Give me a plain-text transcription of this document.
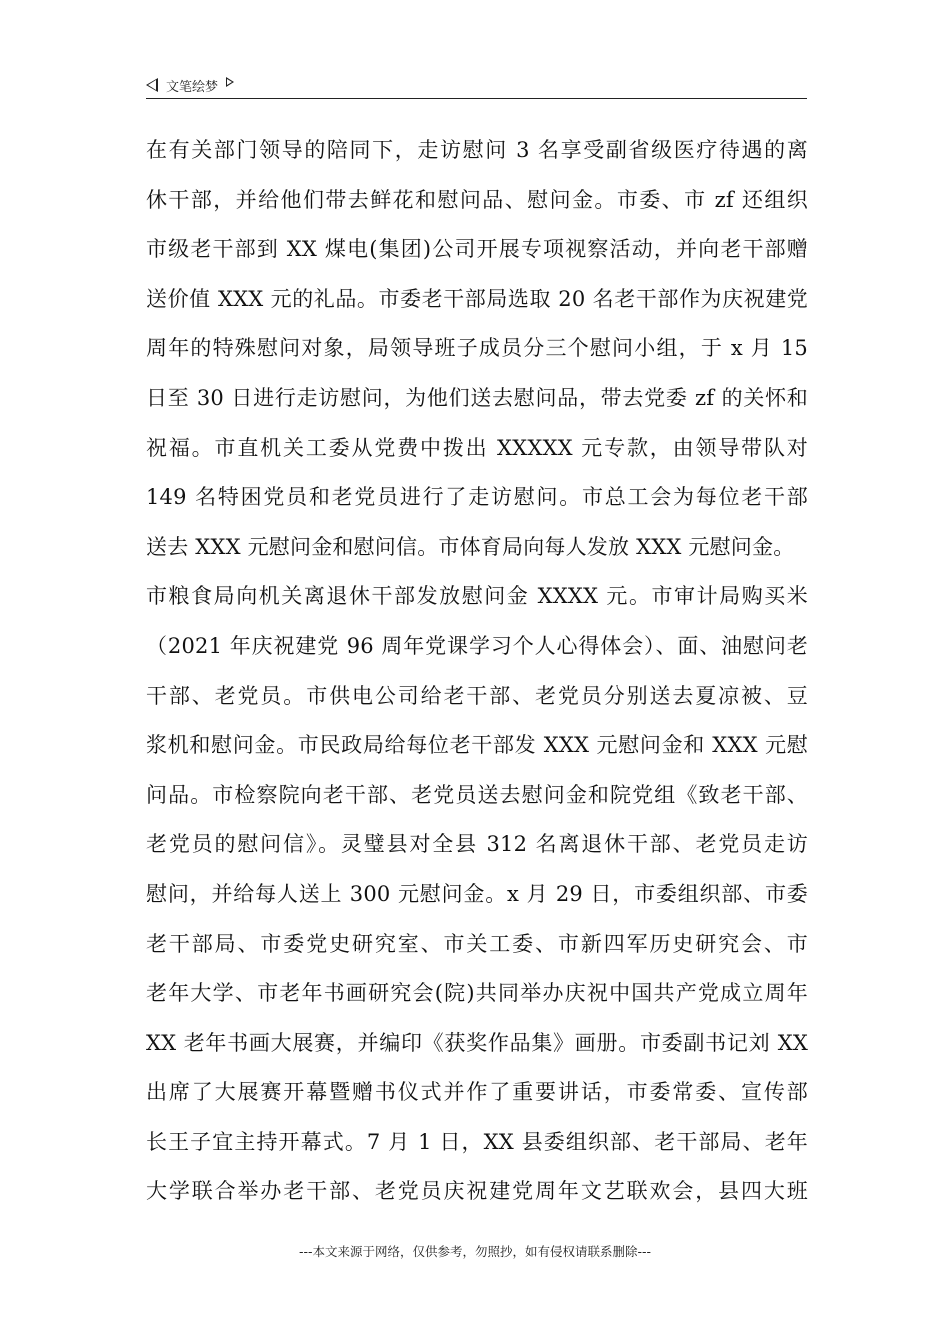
文笔绘梦
在有关部门领导的陪同下，走访慰问 3 名享受副省级医疗待遇的离
休干部，并给他们带去鲜花和慰问品、慰问金。市委、市 zf 还组织
市级老干部到 XX 煤电(集团)公司开展专项视察活动，并向老干部赠
送价值 XXX 元的礼品。市委老干部局选取 20 名老干部作为庆祝建党
周年的特殊慰问对象，局领导班子成员分三个慰问小组，于 x 月 15
日至 30 日进行走访慰问，为他们送去慰问品，带去党委 zf 的关怀和
祝福。市直机关工委从党费中拨出 XXXXX 元专款，由领导带队对
149 名特困党员和老党员进行了走访慰问。市总工会为每位老干部
送去 XXX 元慰问金和慰问信。市体育局向每人发放 XXX 元慰问金。
市粮食局向机关离退休干部发放慰问金 XXXX 元。市审计局购买米
（2021 年庆祝建党 96 周年党课学习个人心得体会）、面、油慰问老
干部、老党员。市供电公司给老干部、老党员分别送去夏凉被、豆
浆机和慰问金。市民政局给每位老干部发 XXX 元慰问金和 XXX 元慰
问品。市检察院向老干部、老党员送去慰问金和院党组《致老干部、
老党员的慰问信》。灵璧县对全县 312 名离退休干部、老党员走访
慰问，并给每人送上 300 元慰问金。x 月 29 日，市委组织部、市委
老干部局、市委党史研究室、市关工委、市新四军历史研究会、市
老年大学、市老年书画研究会(院)共同举办庆祝中国共产党成立周年
XX 老年书画大展赛，并编印《获奖作品集》画册。市委副书记刘 XX
出席了大展赛开幕暨赠书仪式并作了重要讲话，市委常委、宣传部
长王子宜主持开幕式。7 月 1 日，XX 县委组织部、老干部局、老年
大学联合举办老干部、老党员庆祝建党周年文艺联欢会，县四大班
---本文来源于网络，仅供参考，勿照抄，如有侵权请联系删除---
